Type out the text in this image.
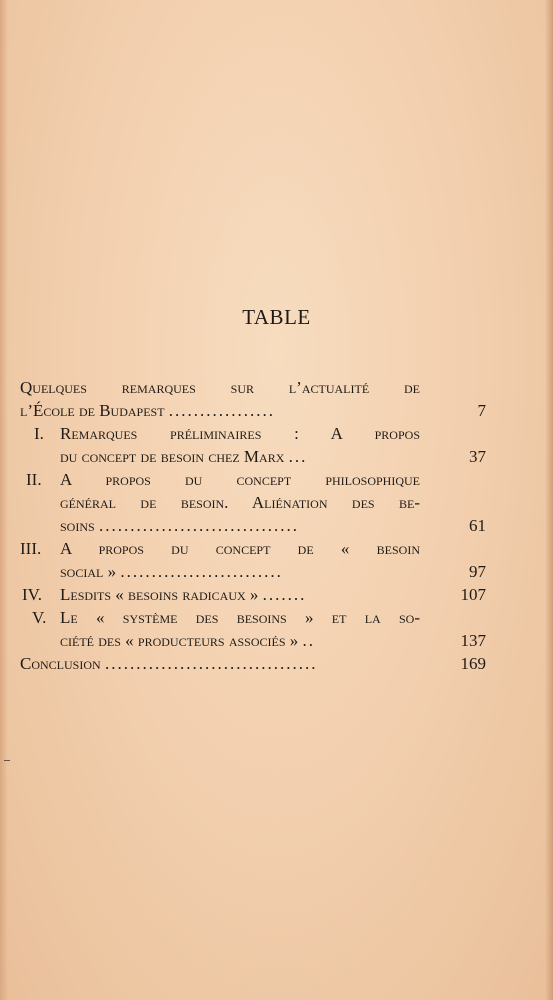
TABLE
Quelques remarques sur l’actualité de
l’École de Budapest .................	7
I. Remarques préliminaires : A propos
du concept de besoin chez Marx ...	37
II. A propos du concept philosophique
général de besoin. Aliénation des be-
soins ................................	61
III. A propos du concept de « besoin
social » ..........................	97
IV. Lesdits « besoins radicaux » .......	107
V. Le « système des besoins » et la so-
ciété des « producteurs associés » ..	137
Conclusion ..................................	169
